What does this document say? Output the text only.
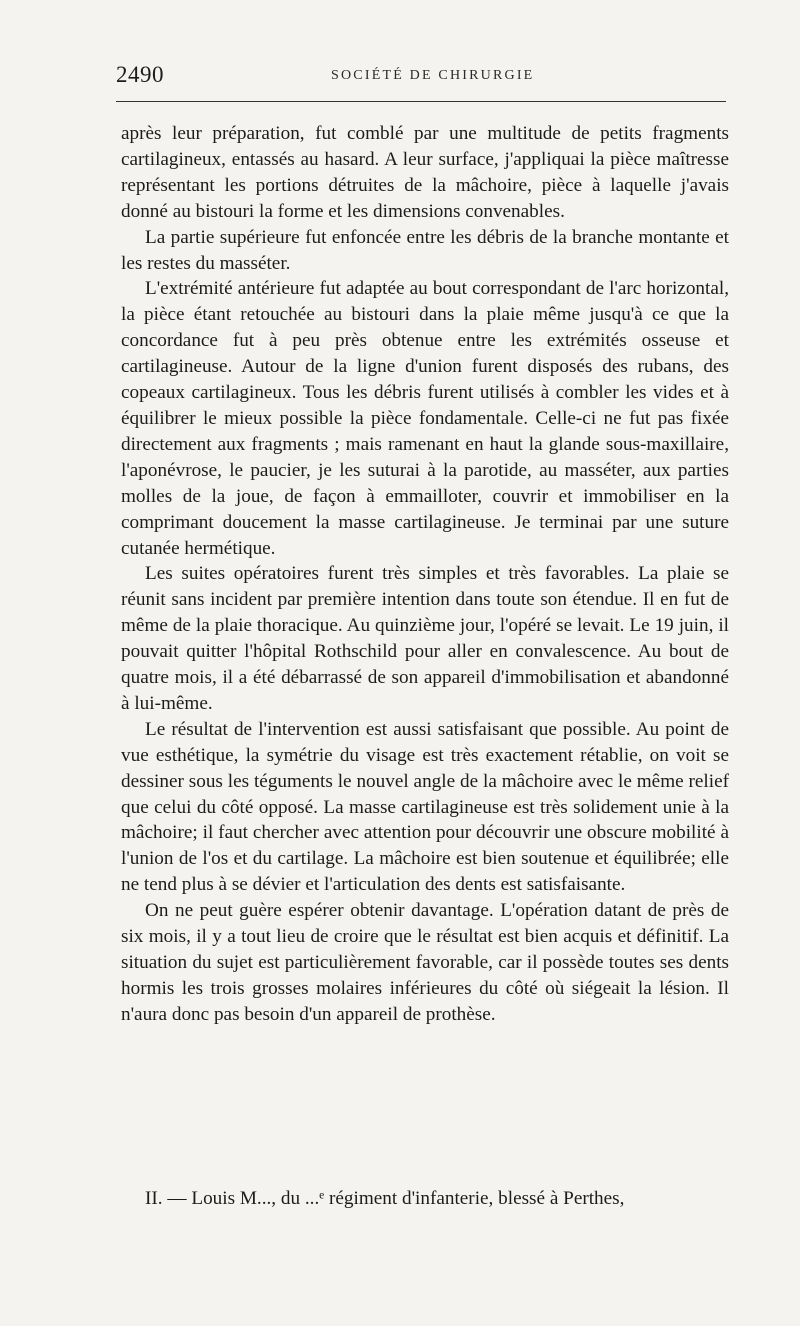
2490	SOCIÉTÉ DE CHIRURGIE

après leur préparation, fut comblé par une multitude de petits fragments cartilagineux, entassés au hasard. A leur surface, j'appliquai la pièce maîtresse représentant les portions détruites de la mâchoire, pièce à laquelle j'avais donné au bistouri la forme et les dimensions convenables.

La partie supérieure fut enfoncée entre les débris de la branche montante et les restes du masséter.

L'extrémité antérieure fut adaptée au bout correspondant de l'arc horizontal, la pièce étant retouchée au bistouri dans la plaie même jusqu'à ce que la concordance fut à peu près obtenue entre les extrémités osseuse et cartilagineuse. Autour de la ligne d'union furent disposés des rubans, des copeaux cartilagineux. Tous les débris furent utilisés à combler les vides et à équilibrer le mieux possible la pièce fondamentale. Celle-ci ne fut pas fixée directement aux fragments ; mais ramenant en haut la glande sous-maxillaire, l'aponévrose, le paucier, je les suturai à la parotide, au masséter, aux parties molles de la joue, de façon à emmailloter, couvrir et immobiliser en la comprimant doucement la masse cartilagineuse. Je terminai par une suture cutanée hermétique.

Les suites opératoires furent très simples et très favorables. La plaie se réunit sans incident par première intention dans toute son étendue. Il en fut de même de la plaie thoracique. Au quinzième jour, l'opéré se levait. Le 19 juin, il pouvait quitter l'hôpital Rothschild pour aller en convalescence. Au bout de quatre mois, il a été débarrassé de son appareil d'immobilisation et abandonné à lui-même.

Le résultat de l'intervention est aussi satisfaisant que possible. Au point de vue esthétique, la symétrie du visage est très exactement rétablie, on voit se dessiner sous les téguments le nouvel angle de la mâchoire avec le même relief que celui du côté opposé. La masse cartilagineuse est très solidement unie à la mâchoire; il faut chercher avec attention pour découvrir une obscure mobilité à l'union de l'os et du cartilage. La mâchoire est bien soutenue et équilibrée; elle ne tend plus à se dévier et l'articulation des dents est satisfaisante.

On ne peut guère espérer obtenir davantage. L'opération datant de près de six mois, il y a tout lieu de croire que le résultat est bien acquis et définitif. La situation du sujet est particulièrement favorable, car il possède toutes ses dents hormis les trois grosses molaires inférieures du côté où siégeait la lésion. Il n'aura donc pas besoin d'un appareil de prothèse.

II. — Louis M..., du ...ᵉ régiment d'infanterie, blessé à Perthes,
